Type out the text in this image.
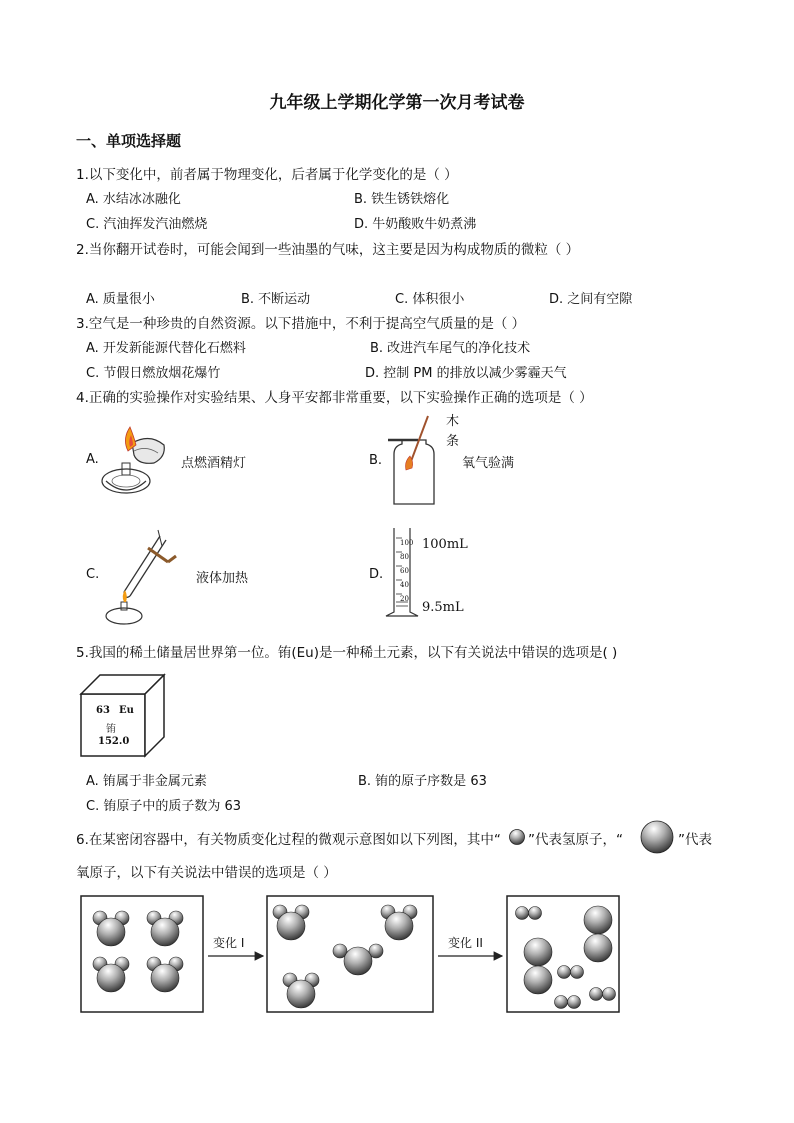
九年级上学期化学第一次月考试卷
一、单项选择题
1.以下变化中，前者属于物理变化，后者属于化学变化的是（ ）
A. 水结冰冰融化	B. 铁生锈铁熔化
C. 汽油挥发汽油燃烧	D. 牛奶酸败牛奶煮沸
2.当你翻开试卷时，可能会闻到一些油墨的气味，这主要是因为构成物质的微粒（ ）
A. 质量很小	B. 不断运动	C. 体积很小	D. 之间有空隙
3.空气是一种珍贵的自然资源。以下措施中，不利于提高空气质量的是（ ）
A. 开发新能源代替化石燃料	B. 改进汽车尾气的净化技术
C. 节假日燃放烟花爆竹	D. 控制 PM 的排放以减少雾霾天气
4.正确的实验操作对实验结果、人身平安都非常重要，以下实验操作正确的选项是（ ）
A.	点燃酒精灯	B.
木
条
氧气验满
C.	液体加热	D.
100
80
60
40
20
100mL
9.5mL
5.我国的稀土储量居世界第一位。铕(Eu)是一种稀土元素，以下有关说法中错误的选项是( )
63 Eu
铕
152.0
A. 铕属于非金属元素	B. 铕的原子序数是 63
C. 铕原子中的质子数为 63
6.在某密闭容器中，有关物质变化过程的微观示意图如以下列图，其中“ ”代表氢原子，“	”代表
氧原子，以下有关说法中错误的选项是（ ）
变化 I	变化 II
